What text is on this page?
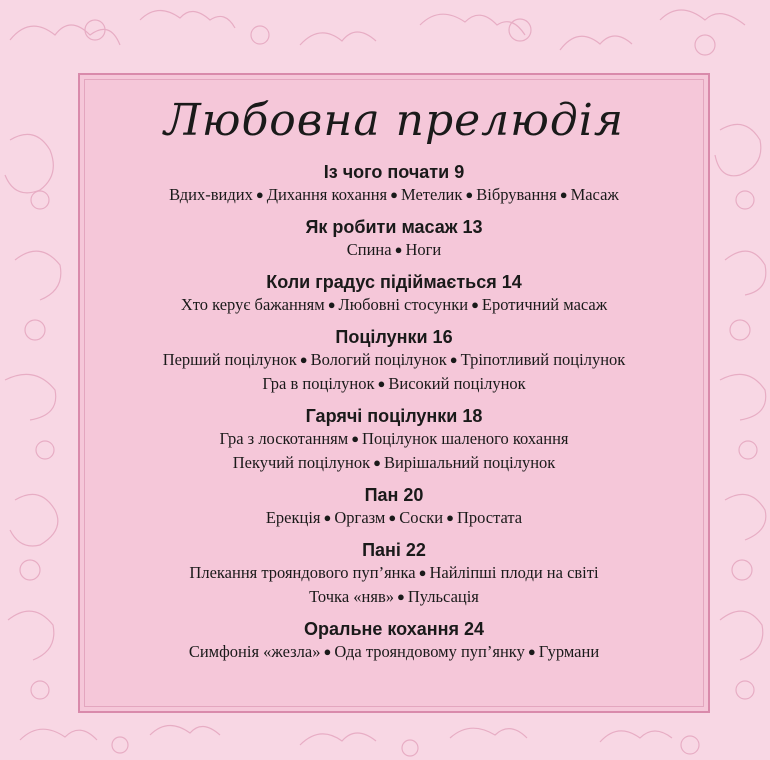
Любовна прелюдія

Із чого почати 9

Вдих-видих ● Дихання кохання ● Метелик ● Вібрування ● Масаж

Як робити масаж 13

Спина ● Ноги

Коли градус підіймається 14

Хто керує бажанням ● Любовні стосунки ● Еротичний масаж

Поцілунки 16

Перший поцілунок ● Вологий поцілунок ● Тріпотливий поцілунок

Гра в поцілунок ● Високий поцілунок

Гарячі поцілунки 18

Гра з лоскотанням ● Поцілунок шаленого кохання

Пекучий поцілунок ● Вирішальний поцілунок

Пан 20

Ерекція ● Оргазм ● Соски ● Простата

Пані 22

Плекання трояндового пуп’янка ● Найліпші плоди на світі

Точка «няв» ● Пульсація

Оральне кохання 24

Симфонія «жезла» ● Ода трояндовому пуп’янку ● Гурмани
